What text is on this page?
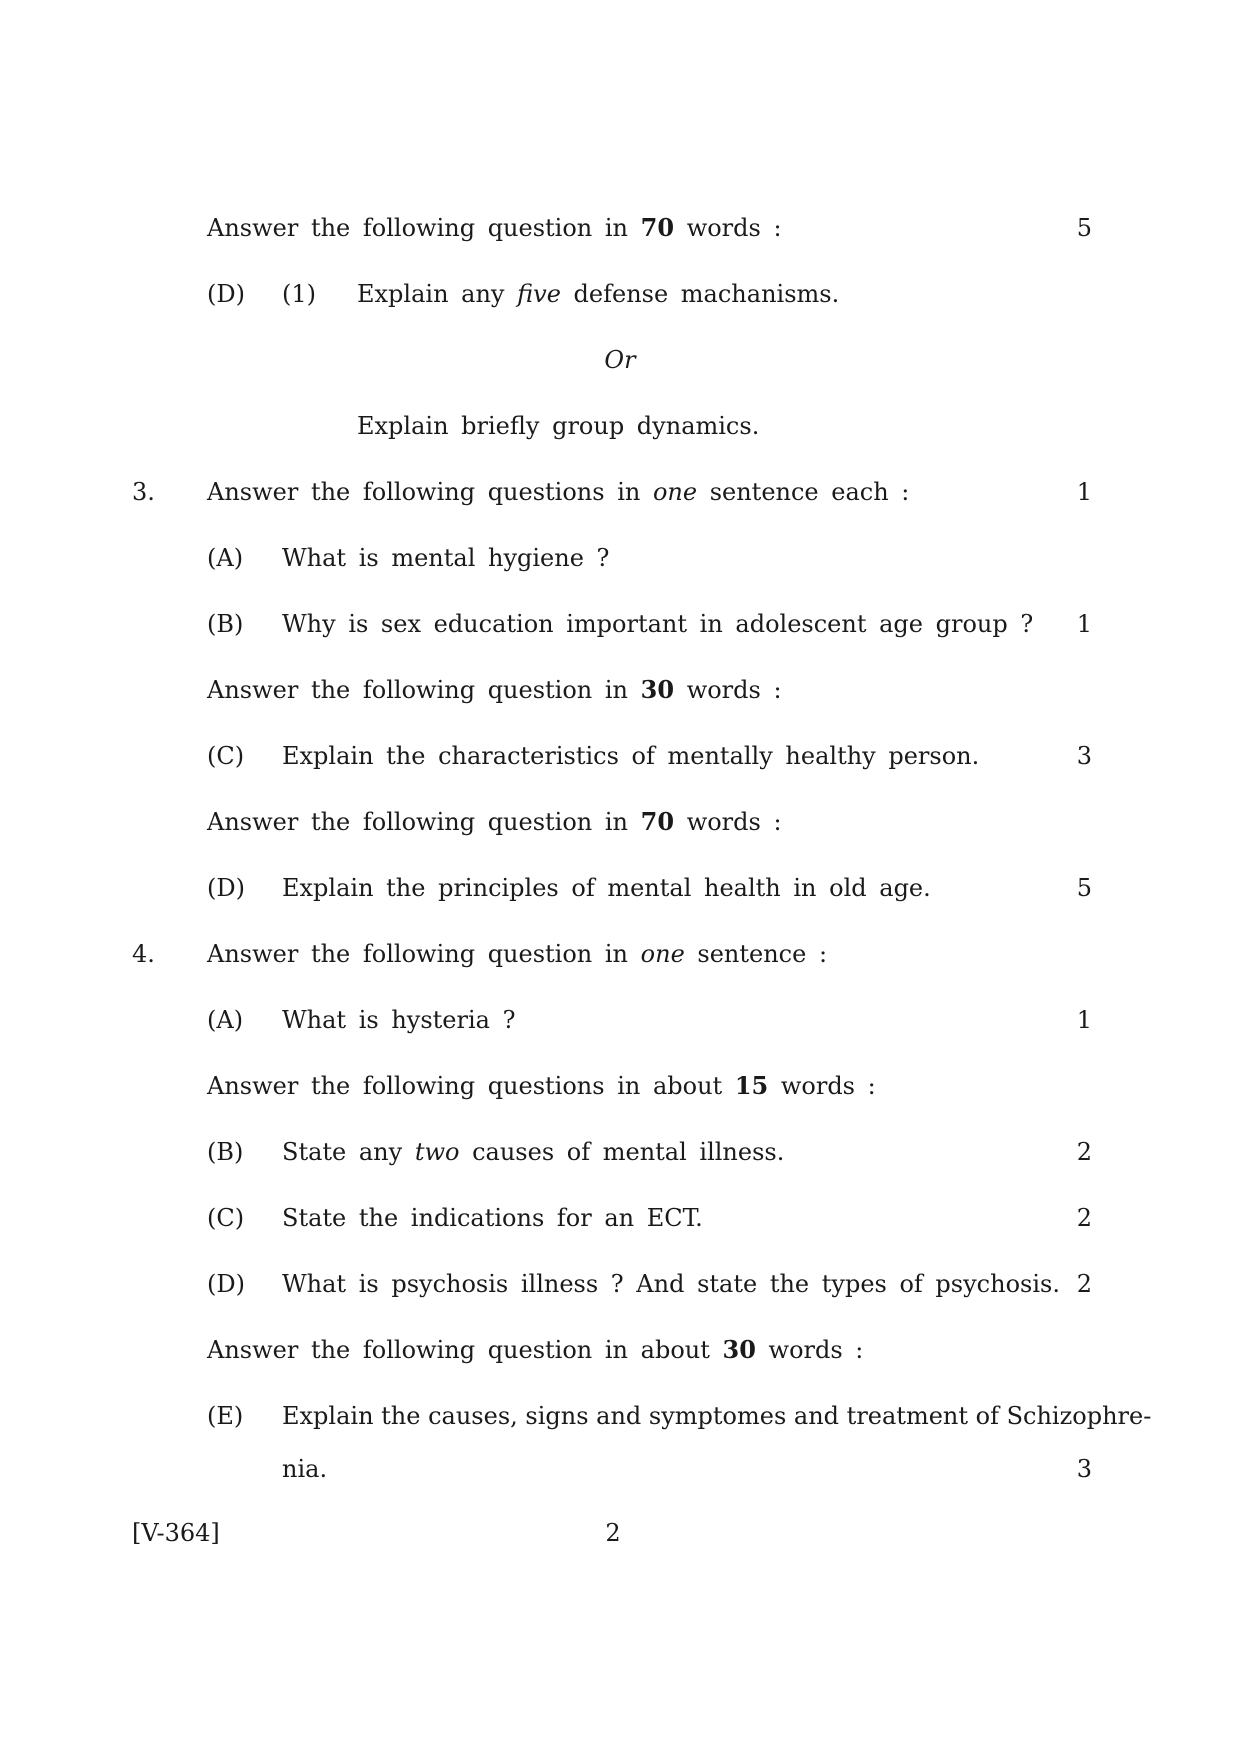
Answer the following question in 70 words :	5
(D) (1) Explain any five defense machanisms.
Or
Explain briefly group dynamics.
3. Answer the following questions in one sentence each :	1
(A) What is mental hygiene ?
(B) Why is sex education important in adolescent age group ? 1
Answer the following question in 30 words :
(C) Explain the characteristics of mentally healthy person.	3
Answer the following question in 70 words :
(D) Explain the principles of mental health in old age.	5
4. Answer the following question in one sentence :
(A) What is hysteria ?	1
Answer the following questions in about 15 words :
(B) State any two causes of mental illness.	2
(C) State the indications for an ECT.	2
(D) What is psychosis illness ? And state the types of psychosis. 2
Answer the following question in about 30 words :
(E) Explain the causes, signs and symptomes and treatment of Schizophre-
nia.	3
[V-364]	2
